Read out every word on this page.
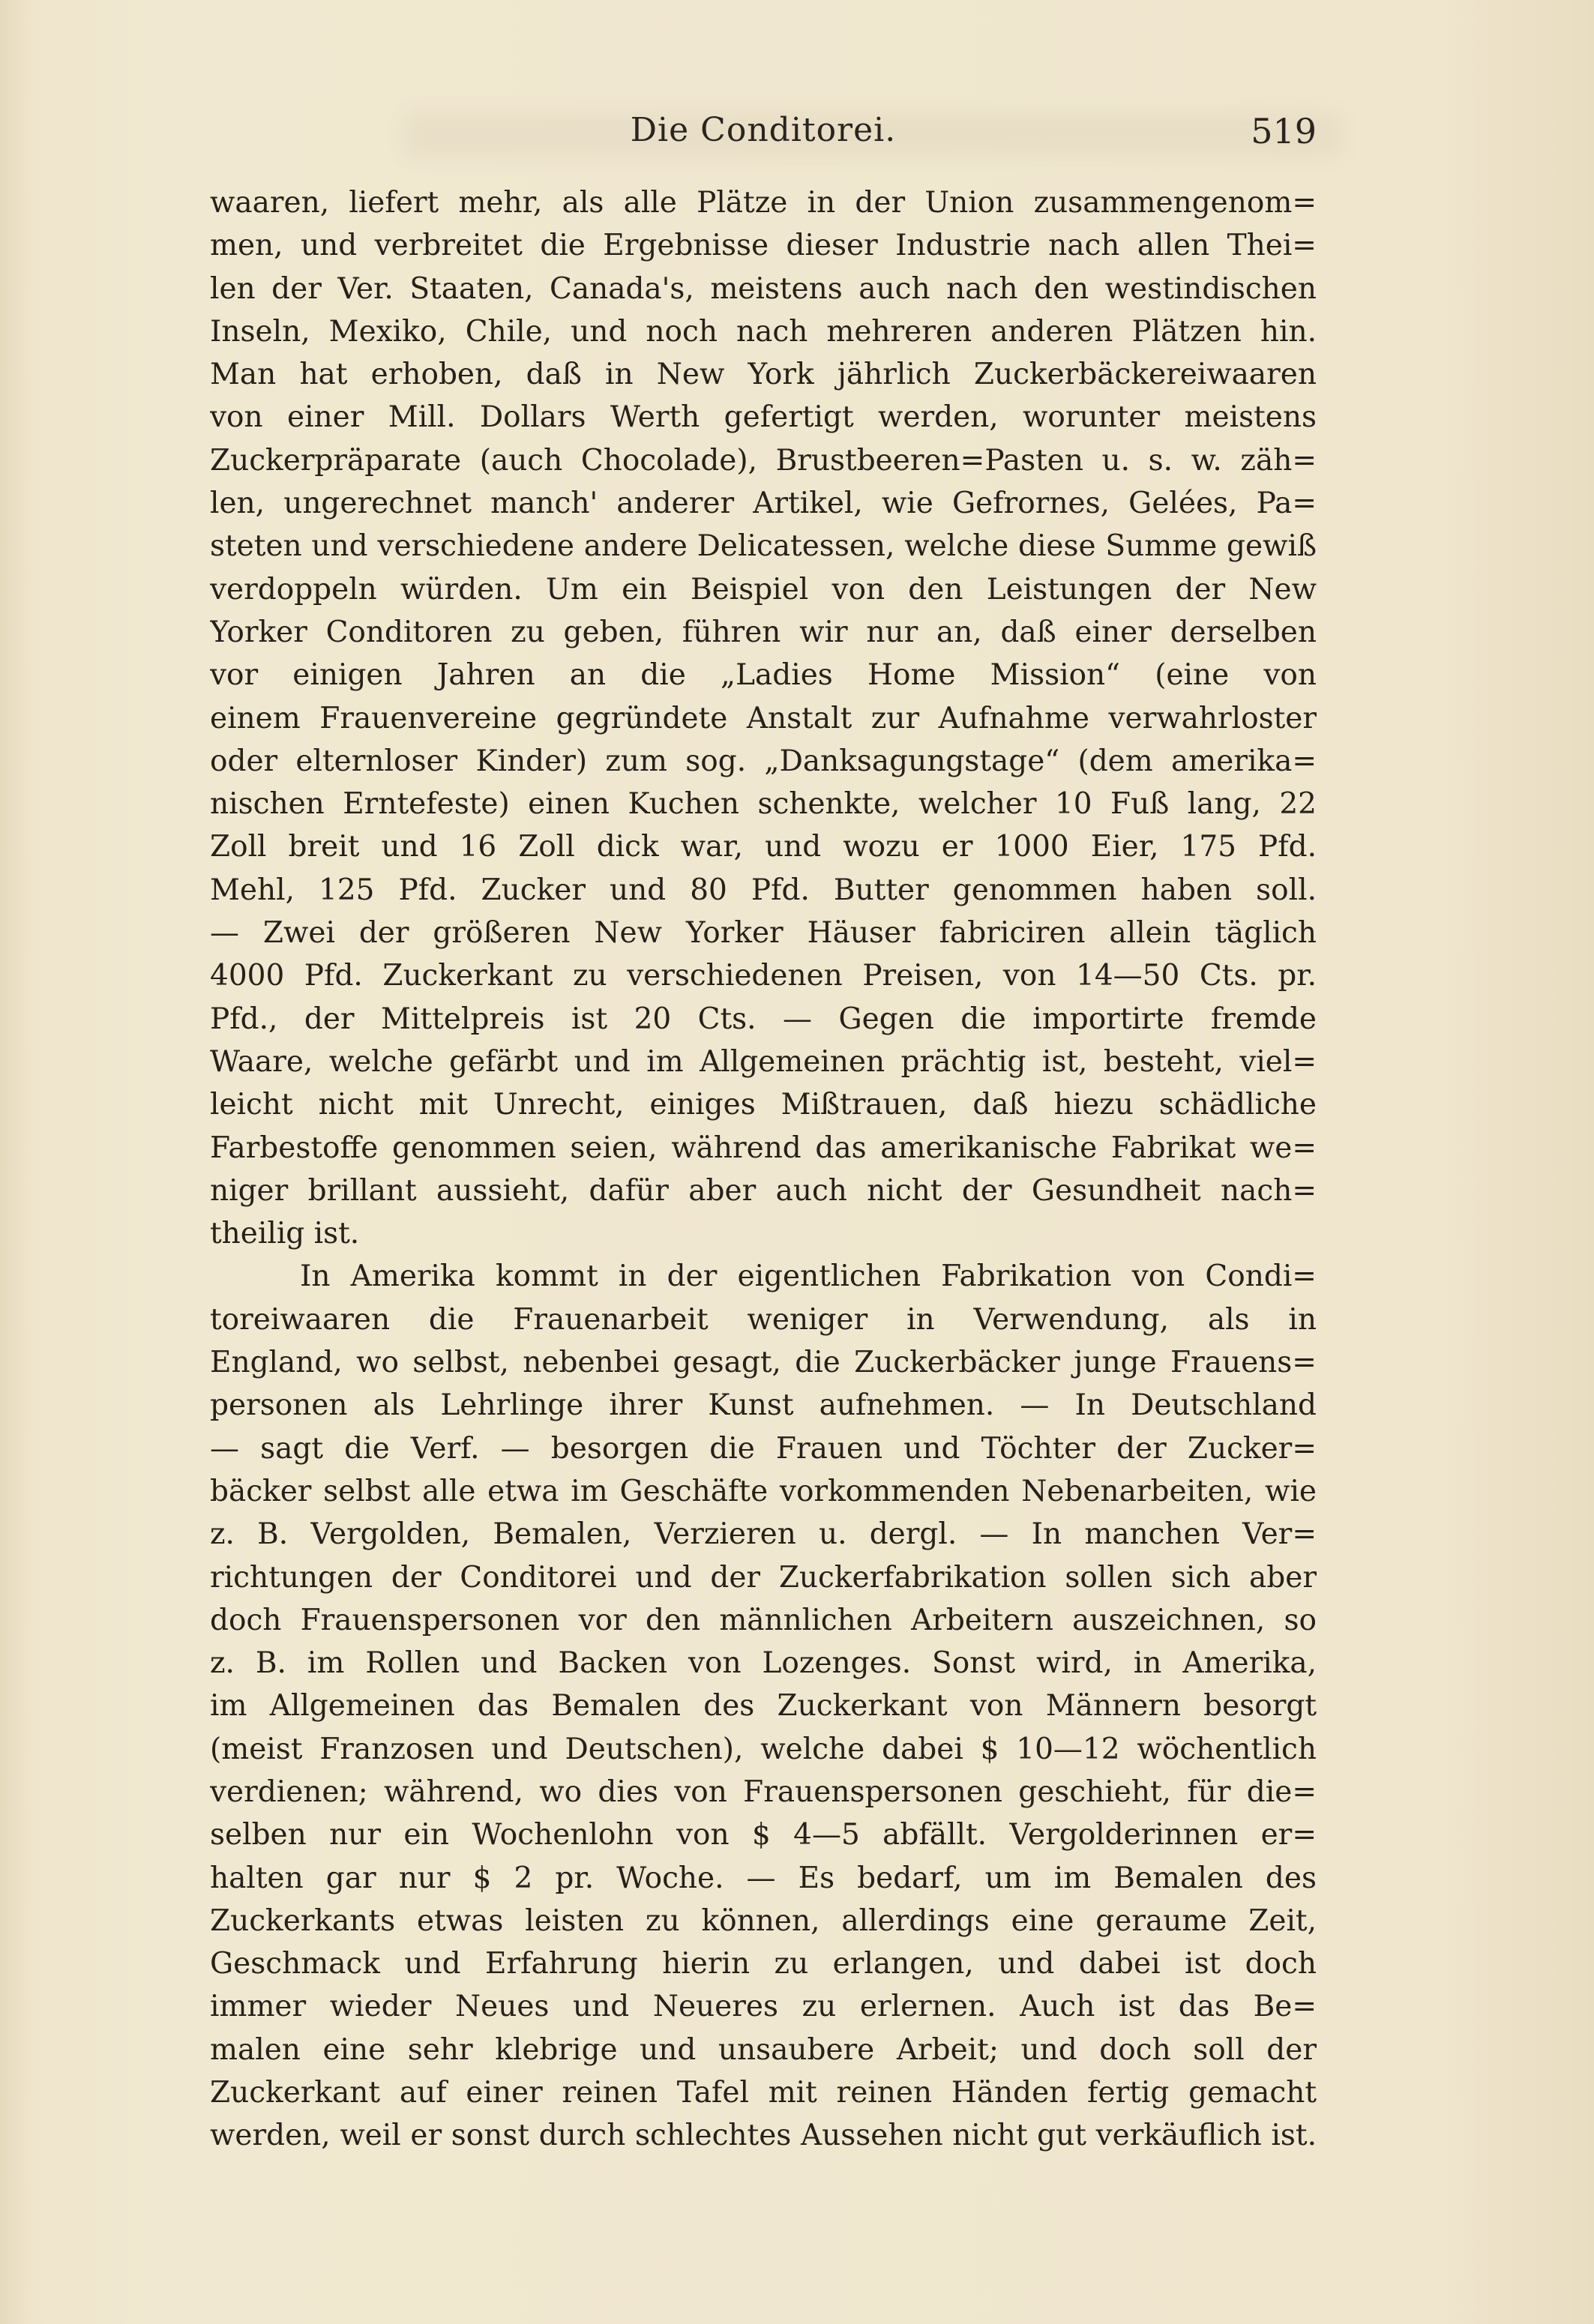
Die Conditorei.	519
waaren, liefert mehr, als alle Plätze in der Union zusammengenom=
men, und verbreitet die Ergebnisse dieser Industrie nach allen Thei=
len der Ver. Staaten, Canada's, meistens auch nach den westindischen
Inseln, Mexiko, Chile, und noch nach mehreren anderen Plätzen hin.
Man hat erhoben, daß in New York jährlich Zuckerbäckereiwaaren
von einer Mill. Dollars Werth gefertigt werden, worunter meistens
Zuckerpräparate (auch Chocolade), Brustbeeren=Pasten u. s. w. zäh=
len, ungerechnet manch' anderer Artikel, wie Gefrornes, Gelées, Pa=
steten und verschiedene andere Delicatessen, welche diese Summe gewiß
verdoppeln würden. Um ein Beispiel von den Leistungen der New
Yorker Conditoren zu geben, führen wir nur an, daß einer derselben
vor einigen Jahren an die „Ladies Home Mission“ (eine von
einem Frauenvereine gegründete Anstalt zur Aufnahme verwahrloster
oder elternloser Kinder) zum sog. „Danksagungstage“ (dem amerika=
nischen Erntefeste) einen Kuchen schenkte, welcher 10 Fuß lang, 22
Zoll breit und 16 Zoll dick war, und wozu er 1000 Eier, 175 Pfd.
Mehl, 125 Pfd. Zucker und 80 Pfd. Butter genommen haben soll.
— Zwei der größeren New Yorker Häuser fabriciren allein täglich
4000 Pfd. Zuckerkant zu verschiedenen Preisen, von 14—50 Cts. pr.
Pfd., der Mittelpreis ist 20 Cts. — Gegen die importirte fremde
Waare, welche gefärbt und im Allgemeinen prächtig ist, besteht, viel=
leicht nicht mit Unrecht, einiges Mißtrauen, daß hiezu schädliche
Farbestoffe genommen seien, während das amerikanische Fabrikat we=
niger brillant aussieht, dafür aber auch nicht der Gesundheit nach=
theilig ist.
In Amerika kommt in der eigentlichen Fabrikation von Condi=
toreiwaaren die Frauenarbeit weniger in Verwendung, als in
England, wo selbst, nebenbei gesagt, die Zuckerbäcker junge Frauens=
personen als Lehrlinge ihrer Kunst aufnehmen. — In Deutschland
— sagt die Verf. — besorgen die Frauen und Töchter der Zucker=
bäcker selbst alle etwa im Geschäfte vorkommenden Nebenarbeiten, wie
z. B. Vergolden, Bemalen, Verzieren u. dergl. — In manchen Ver=
richtungen der Conditorei und der Zuckerfabrikation sollen sich aber
doch Frauenspersonen vor den männlichen Arbeitern auszeichnen, so
z. B. im Rollen und Backen von Lozenges. Sonst wird, in Amerika,
im Allgemeinen das Bemalen des Zuckerkant von Männern besorgt
(meist Franzosen und Deutschen), welche dabei $ 10—12 wöchentlich
verdienen; während, wo dies von Frauenspersonen geschieht, für die=
selben nur ein Wochenlohn von $ 4—5 abfällt. Vergolderinnen er=
halten gar nur $ 2 pr. Woche. — Es bedarf, um im Bemalen des
Zuckerkants etwas leisten zu können, allerdings eine geraume Zeit,
Geschmack und Erfahrung hierin zu erlangen, und dabei ist doch
immer wieder Neues und Neueres zu erlernen. Auch ist das Be=
malen eine sehr klebrige und unsaubere Arbeit; und doch soll der
Zuckerkant auf einer reinen Tafel mit reinen Händen fertig gemacht
werden, weil er sonst durch schlechtes Aussehen nicht gut verkäuflich ist.
